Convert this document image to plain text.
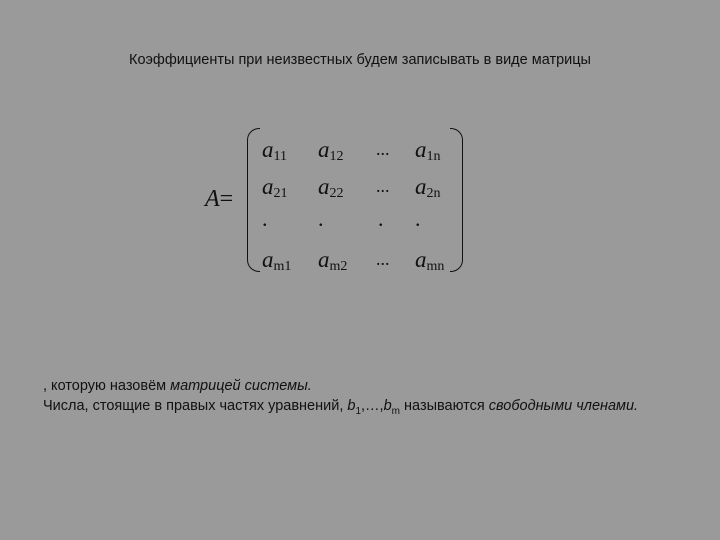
Коэффициенты при неизвестных будем записывать в виде матрицы
A=
$a_{11}$ $a_{12}$ ... $a_{1n}$
$a_{21}$ $a_{22}$ ... $a_{2n}$
. . . .
$a_{m1}$ $a_{m2}$ ... $a_{mn}$
, которую назовём матрицей системы.
Числа, стоящие в правых частях уравнений, $b_1,\dots,b_m$ называются свободными членами.
